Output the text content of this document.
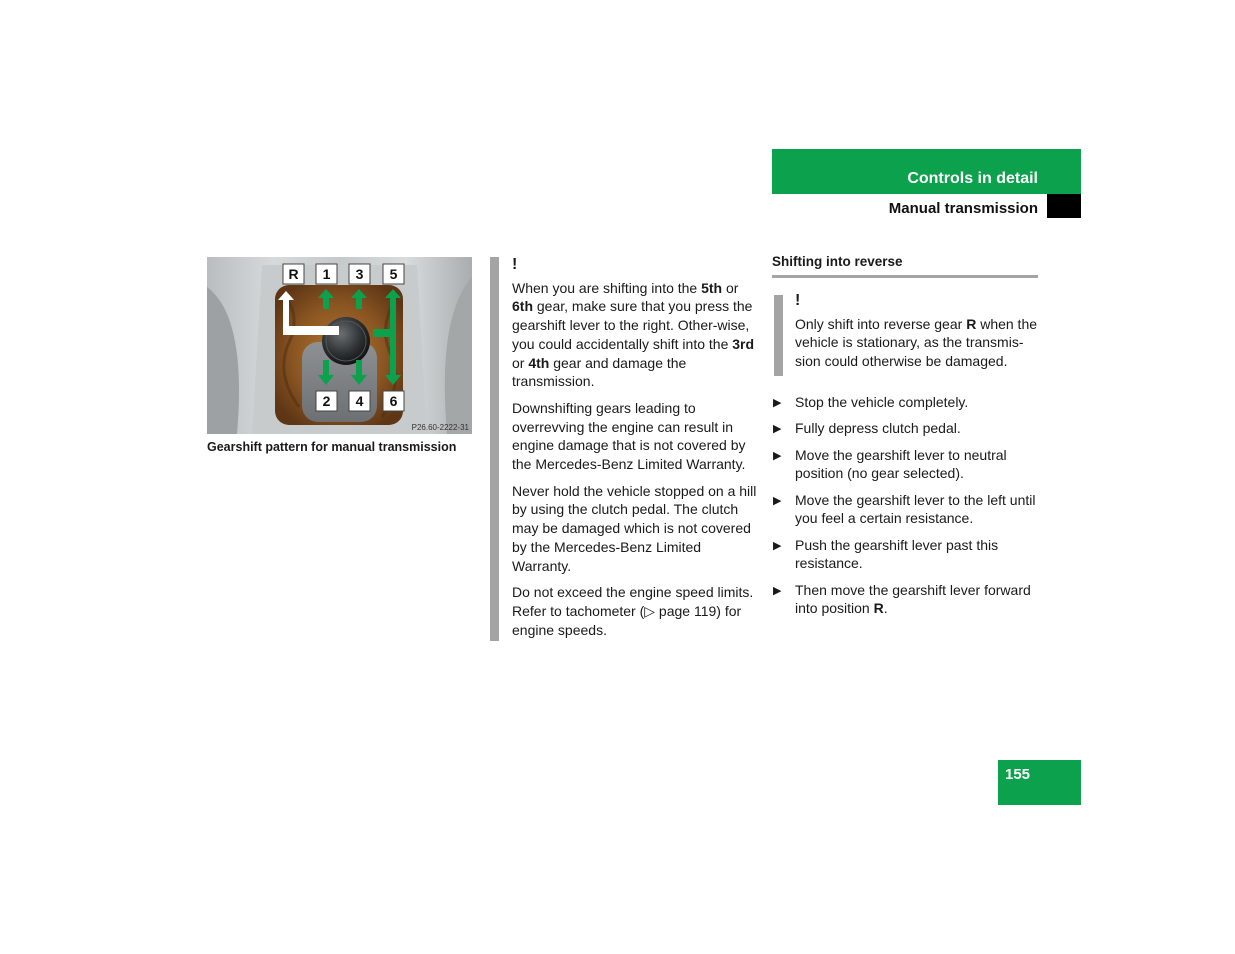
Controls in detail
Manual transmission
R 1 3 5
2 4 6
P26.60-2222-31
Gearshift pattern for manual transmission
!

When you are shifting into the 5th or 6th gear, make sure that you press the gearshift lever to the right. Other-wise, you could accidentally shift into the 3rd or 4th gear and damage the transmission.

Downshifting gears leading to overrevving the engine can result in engine damage that is not covered by the Mercedes-Benz Limited Warranty.

Never hold the vehicle stopped on a hill by using the clutch pedal. The clutch may be damaged which is not covered by the Mercedes-Benz Limited Warranty.

Do not exceed the engine speed limits. Refer to tachometer (▷ page 119) for engine speeds.

Shifting into reverse
!

Only shift into reverse gear R when the vehicle is stationary, as the transmis-sion could otherwise be damaged.

▶ Stop the vehicle completely.
▶ Fully depress clutch pedal.
▶ Move the gearshift lever to neutral position (no gear selected).
▶ Move the gearshift lever to the left until you feel a certain resistance.
▶ Push the gearshift lever past this resistance.
▶ Then move the gearshift lever forward into position R.
155
